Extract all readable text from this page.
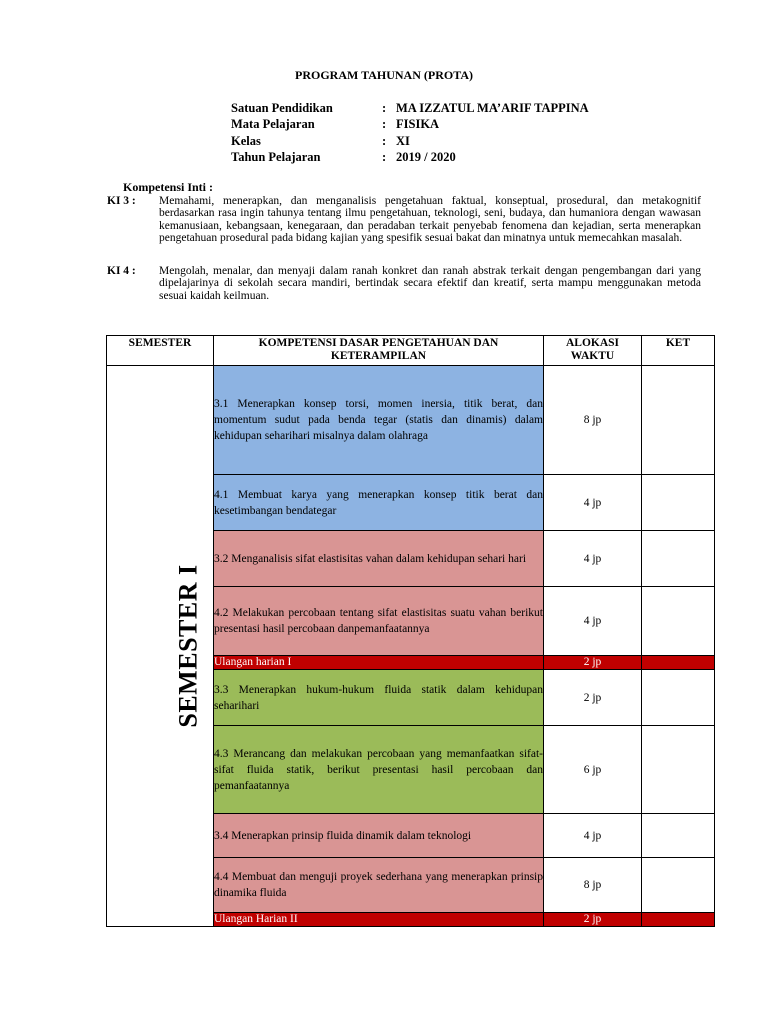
PROGRAM TAHUNAN (PROTA)
Satuan Pendidikan	: MA IZZATUL MA’ARIF TAPPINA
Mata Pelajaran	: FISIKA
Kelas	: XI
Tahun Pelajaran	: 2019 / 2020
Kompetensi Inti :
KI 3 :	Memahami, menerapkan, dan menganalisis pengetahuan faktual, konseptual, prosedural, dan metakognitif berdasarkan rasa ingin tahunya tentang ilmu pengetahuan, teknologi, seni, budaya, dan humaniora dengan wawasan kemanusiaan, kebangsaan, kenegaraan, dan peradaban terkait penyebab fenomena dan kejadian, serta menerapkan pengetahuan prosedural pada bidang kajian yang spesifik sesuai bakat dan minatnya untuk memecahkan masalah.
KI 4 :	Mengolah, menalar, dan menyaji dalam ranah konkret dan ranah abstrak terkait dengan pengembangan dari yang dipelajarinya di sekolah secara mandiri, bertindak secara efektif dan kreatif, serta mampu menggunakan metoda sesuai kaidah keilmuan.
SEMESTER	KOMPETENSI DASAR PENGETAHUAN DAN KETERAMPILAN	ALOKASI WAKTU	KET
SEMESTER I	3.1 Menerapkan konsep torsi, momen inersia, titik berat, dan momentum sudut pada benda tegar (statis dan dinamis) dalam kehidupan seharihari misalnya dalam olahraga	8 jp	
	4.1 Membuat karya yang menerapkan konsep titik berat dan kesetimbangan bendategar	4 jp	
	3.2 Menganalisis sifat elastisitas vahan dalam kehidupan sehari hari	4 jp	
	4.2 Melakukan percobaan tentang sifat elastisitas suatu vahan berikut presentasi hasil percobaan danpemanfaatannya	4 jp	
	Ulangan harian I	2 jp	
	3.3 Menerapkan hukum-hukum fluida statik dalam kehidupan seharihari	2 jp	
	4.3 Merancang dan melakukan percobaan yang memanfaatkan sifat-sifat fluida statik, berikut presentasi hasil percobaan dan pemanfaatannya	6 jp	
	3.4 Menerapkan prinsip fluida dinamik dalam teknologi	4 jp	
	4.4 Membuat dan menguji proyek sederhana yang menerapkan prinsip dinamika fluida	8 jp	
	Ulangan Harian II	2 jp	
